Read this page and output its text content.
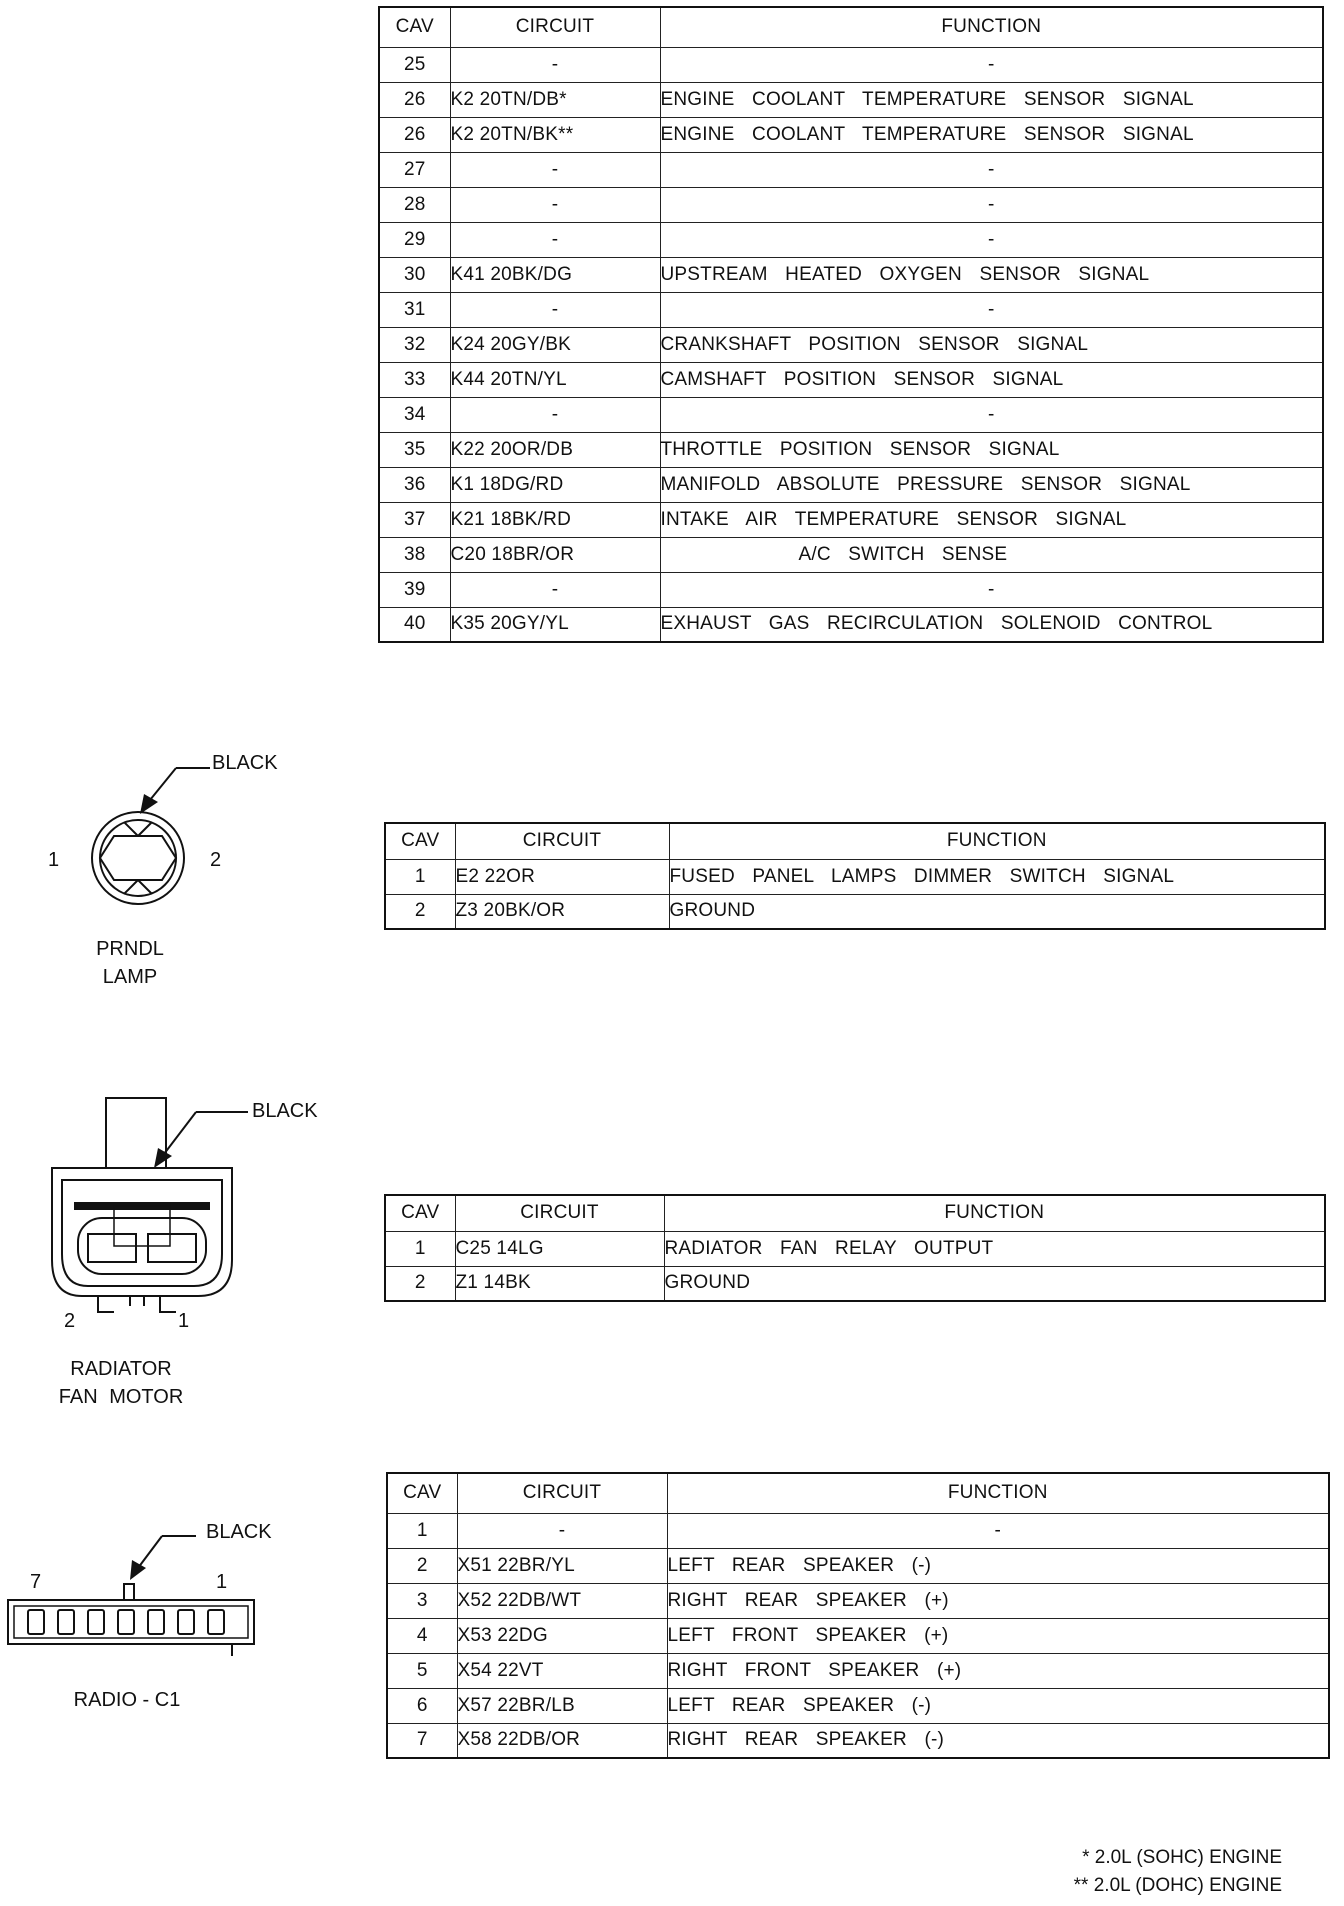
CAV	CIRCUIT	FUNCTION
25	-	-
26	K2 20TN/DB*	ENGINE COOLANT TEMPERATURE SENSOR SIGNAL
26	K2 20TN/BK**	ENGINE COOLANT TEMPERATURE SENSOR SIGNAL
27	-	-
28	-	-
29	-	-
30	K41 20BK/DG	UPSTREAM HEATED OXYGEN SENSOR SIGNAL
31	-	-
32	K24 20GY/BK	CRANKSHAFT POSITION SENSOR SIGNAL
33	K44 20TN/YL	CAMSHAFT POSITION SENSOR SIGNAL
34	-	-
35	K22 20OR/DB	THROTTLE POSITION SENSOR SIGNAL
36	K1 18DG/RD	MANIFOLD ABSOLUTE PRESSURE SENSOR SIGNAL
37	K21 18BK/RD	INTAKE AIR TEMPERATURE SENSOR SIGNAL
38	C20 18BR/OR	A/C SWITCH SENSE
39	-	-
40	K35 20GY/YL	EXHAUST GAS RECIRCULATION SOLENOID CONTROL
BLACK
1	2
PRNDL
LAMP
CAV	CIRCUIT	FUNCTION
1	E2 22OR	FUSED PANEL LAMPS DIMMER SWITCH SIGNAL
2	Z3 20BK/OR	GROUND
BLACK
2	1
RADIATOR
FAN MOTOR
CAV	CIRCUIT	FUNCTION
1	C25 14LG	RADIATOR FAN RELAY OUTPUT
2	Z1 14BK	GROUND
BLACK
7	1
RADIO - C1
CAV	CIRCUIT	FUNCTION
1	-	-
2	X51 22BR/YL	LEFT REAR SPEAKER (-)
3	X52 22DB/WT	RIGHT REAR SPEAKER (+)
4	X53 22DG	LEFT FRONT SPEAKER (+)
5	X54 22VT	RIGHT FRONT SPEAKER (+)
6	X57 22BR/LB	LEFT REAR SPEAKER (-)
7	X58 22DB/OR	RIGHT REAR SPEAKER (-)
* 2.0L (SOHC) ENGINE
** 2.0L (DOHC) ENGINE
